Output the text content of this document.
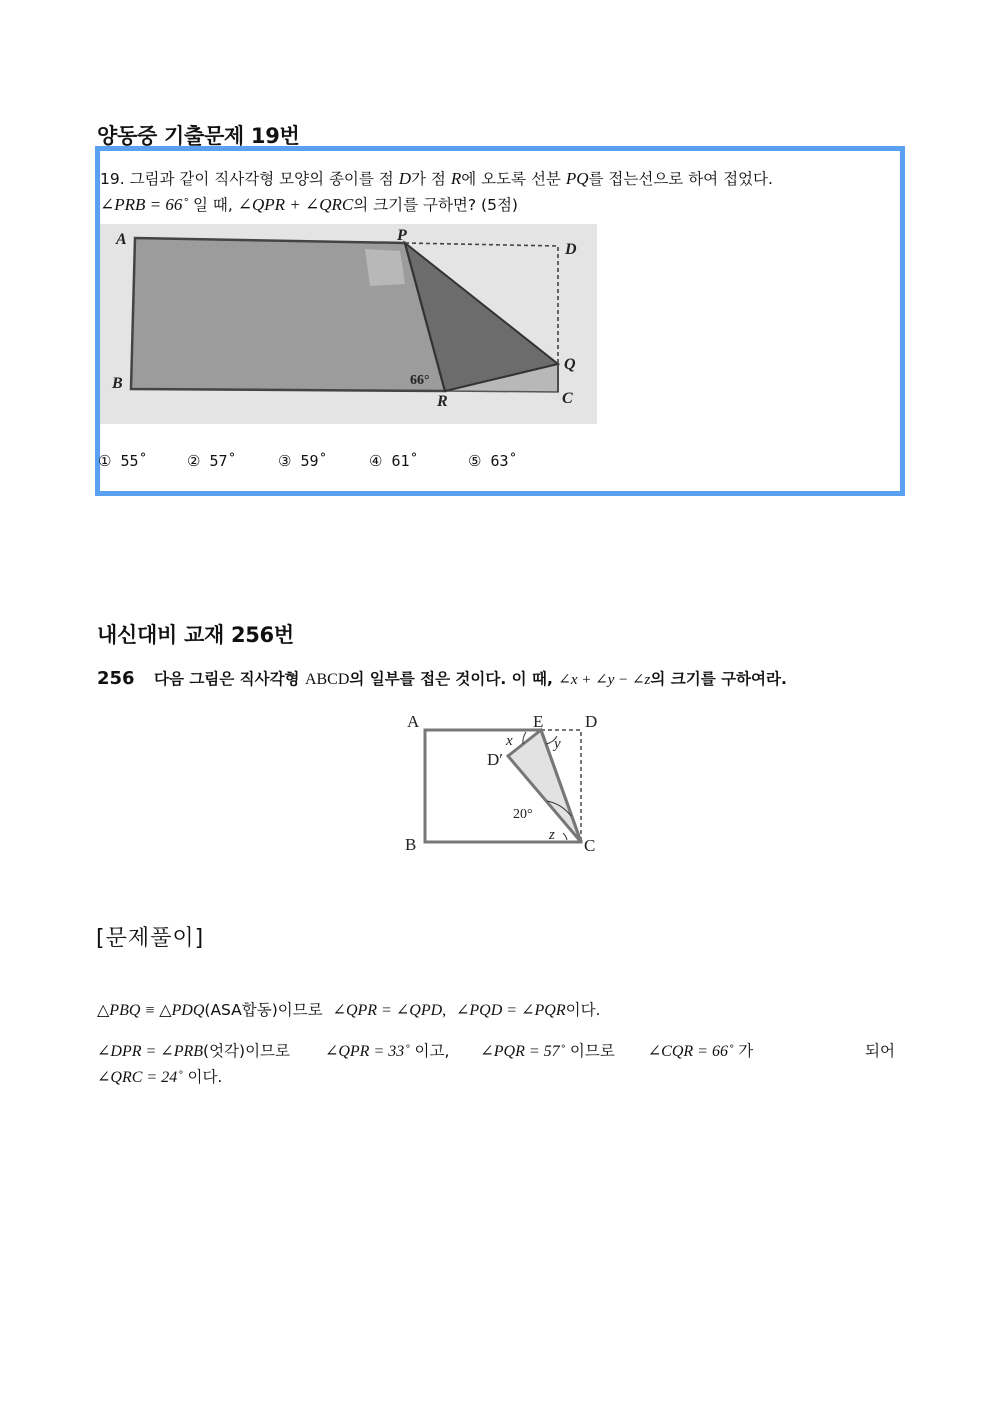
양동중 기출문제 19번
19. 그림과 같이 직사각형 모양의 종이를 점 D가 점 R에 오도록 선분 PQ를 접는선으로 하여 접었다.
∠PRB = 66˚ 일 때, ∠QPR + ∠QRC의 크기를 구하면? (5점)
A	P
D
Q
B
R	C
66°
① 55˚	② 57˚	③ 59˚	④ 61˚	⑤ 63˚
내신대비 교재 256번
256 다음 그림은 직사각형 ABCD의 일부를 접은 것이다. 이 때, ∠x + ∠y − ∠z의 크기를 구하여라.
A	E D
D′
B	C
x	y
z
20°
[문제풀이]
△PBQ ≡ △PDQ(ASA합동)이므로 ∠QPR = ∠QPD, ∠PQD = ∠PQR이다.
∠DPR = ∠PRB(엇각)이므로 ∠QPR = 33˚ 이고, ∠PQR = 57˚ 이므로 ∠CQR = 66˚ 가	되어
∠QRC = 24˚ 이다.
